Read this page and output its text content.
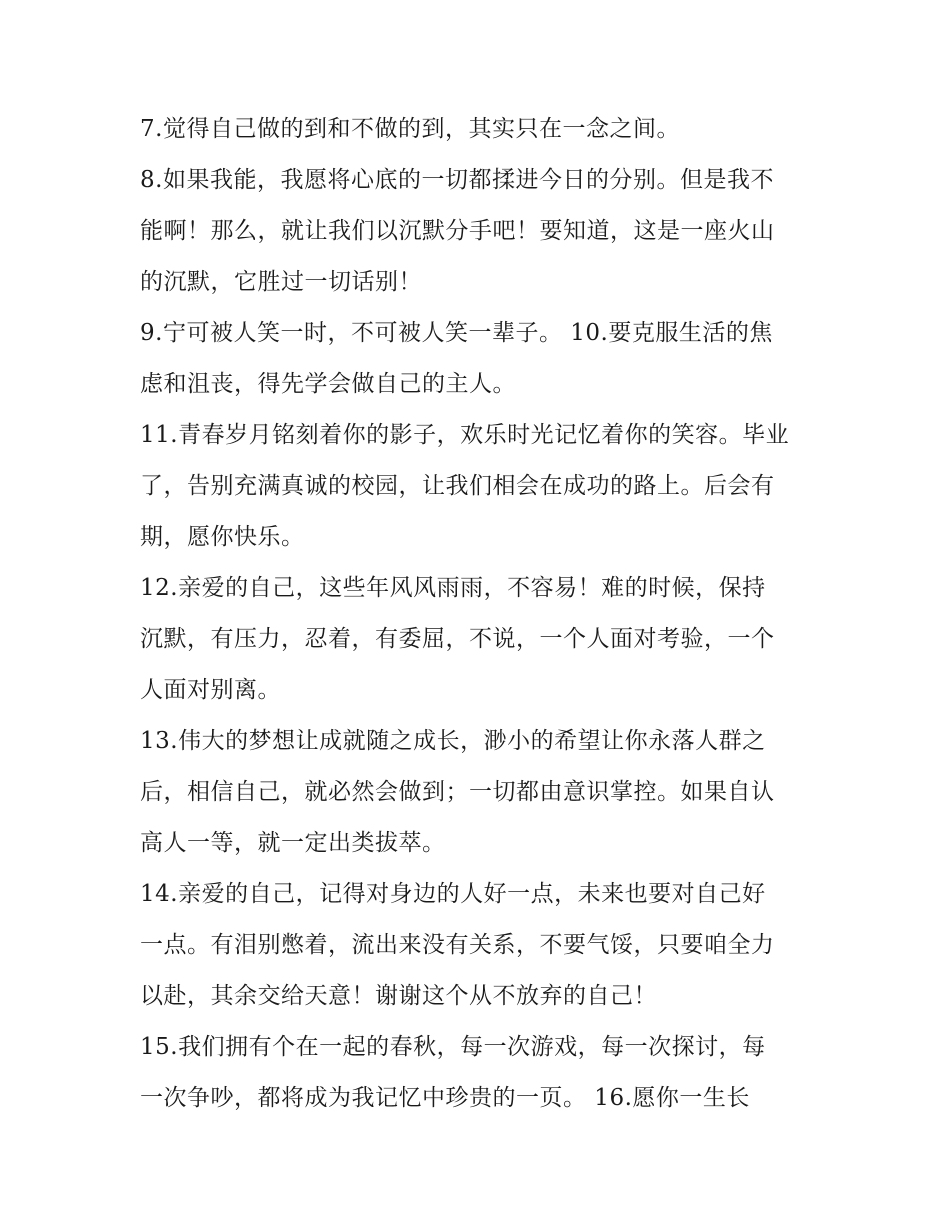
7.觉得自己做的到和不做的到，其实只在一念之间。
8.如果我能，我愿将心底的一切都揉进今日的分别。但是我不
能啊！那么，就让我们以沉默分手吧！要知道，这是一座火山
的沉默，它胜过一切话别！
9.宁可被人笑一时，不可被人笑一辈子。 10.要克服生活的焦
虑和沮丧，得先学会做自己的主人。
11.青春岁月铭刻着你的影子，欢乐时光记忆着你的笑容。毕业
了，告别充满真诚的校园，让我们相会在成功的路上。后会有
期，愿你快乐。
12.亲爱的自己，这些年风风雨雨，不容易！难的时候，保持
沉默，有压力，忍着，有委屈，不说，一个人面对考验，一个
人面对别离。
13.伟大的梦想让成就随之成长，渺小的希望让你永落人群之
后，相信自己，就必然会做到；一切都由意识掌控。如果自认
高人一等，就一定出类拔萃。
14.亲爱的自己，记得对身边的人好一点，未来也要对自己好
一点。有泪别憋着，流出来没有关系，不要气馁，只要咱全力
以赴，其余交给天意！谢谢这个从不放弃的自己！
15.我们拥有个在一起的春秋，每一次游戏，每一次探讨，每
一次争吵，都将成为我记忆中珍贵的一页。 16.愿你一生长
